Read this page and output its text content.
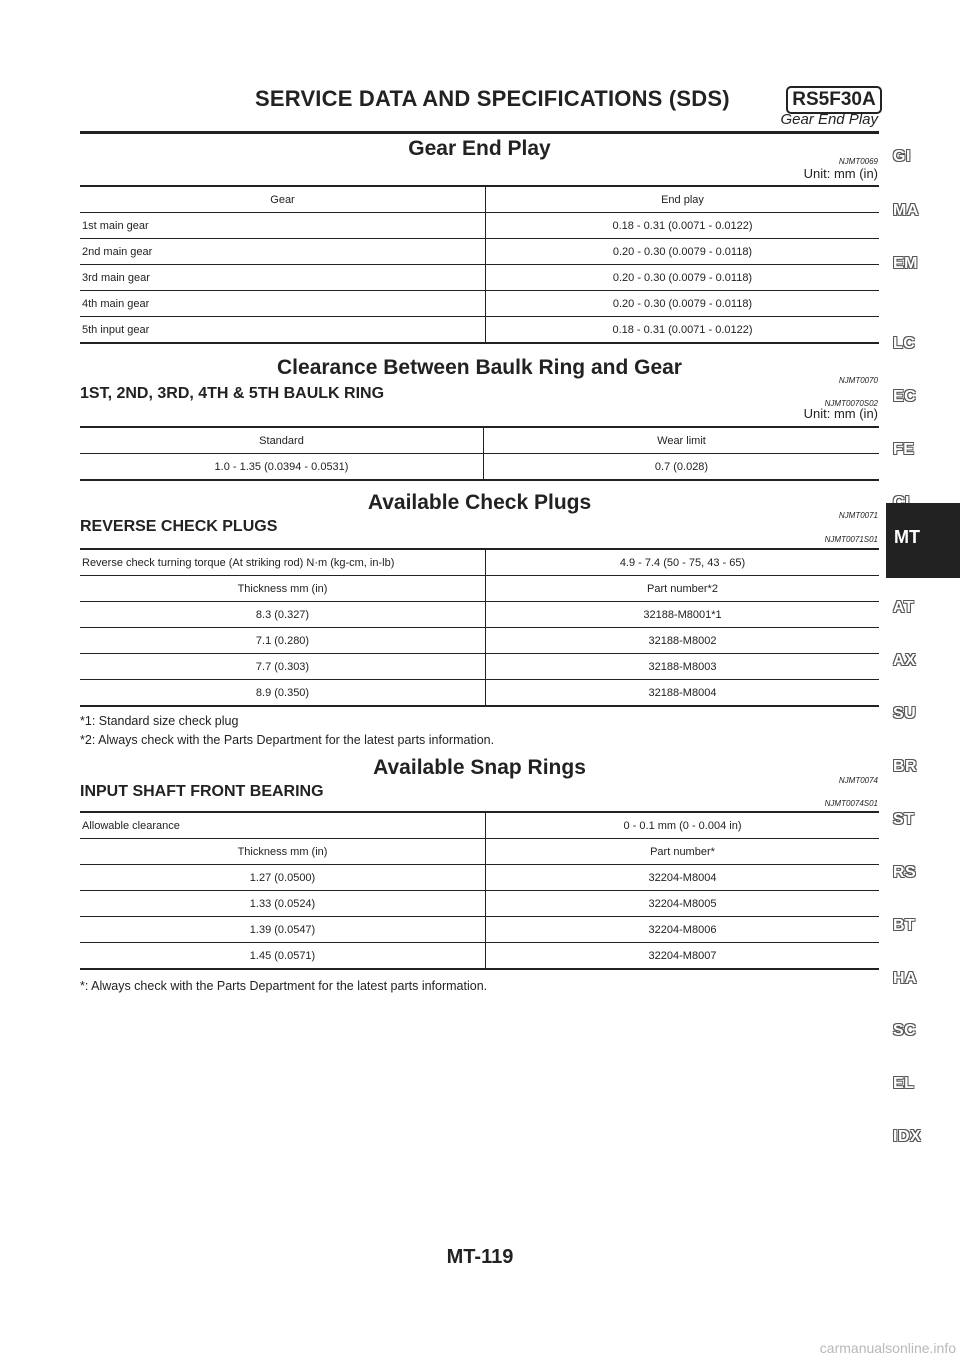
SERVICE DATA AND SPECIFICATIONS (SDS)	RS5F30A
Gear End Play
Gear End Play
NJMT0069
Unit: mm (in)
Gear	End play
1st main gear	0.18 - 0.31 (0.0071 - 0.0122)
2nd main gear	0.20 - 0.30 (0.0079 - 0.0118)
3rd main gear	0.20 - 0.30 (0.0079 - 0.0118)
4th main gear	0.20 - 0.30 (0.0079 - 0.0118)
5th input gear	0.18 - 0.31 (0.0071 - 0.0122)
Clearance Between Baulk Ring and Gear
NJMT0070
1ST, 2ND, 3RD, 4TH & 5TH BAULK RING
NJMT0070S02
Unit: mm (in)
Standard	Wear limit
1.0 - 1.35 (0.0394 - 0.0531)	0.7 (0.028)
Available Check Plugs
NJMT0071
REVERSE CHECK PLUGS
NJMT0071S01
Reverse check turning torque (At striking rod) N·m (kg-cm, in-lb)	4.9 - 7.4 (50 - 75, 43 - 65)
Thickness mm (in)	Part number*2
8.3 (0.327)	32188-M8001*1
7.1 (0.280)	32188-M8002
7.7 (0.303)	32188-M8003
8.9 (0.350)	32188-M8004
*1: Standard size check plug
*2: Always check with the Parts Department for the latest parts information.
Available Snap Rings
NJMT0074
INPUT SHAFT FRONT BEARING
NJMT0074S01
Allowable clearance	0 - 0.1 mm (0 - 0.004 in)
Thickness mm (in)	Part number*
1.27 (0.0500)	32204-M8004
1.33 (0.0524)	32204-M8005
1.39 (0.0547)	32204-M8006
1.45 (0.0571)	32204-M8007
*: Always check with the Parts Department for the latest parts information.
GI
MA
EM
LC
EC
FE
MT
AT
AX
SU
BR
ST
RS
BT
HA
SC
EL
IDX
MT-119
carmanualsonline.info
